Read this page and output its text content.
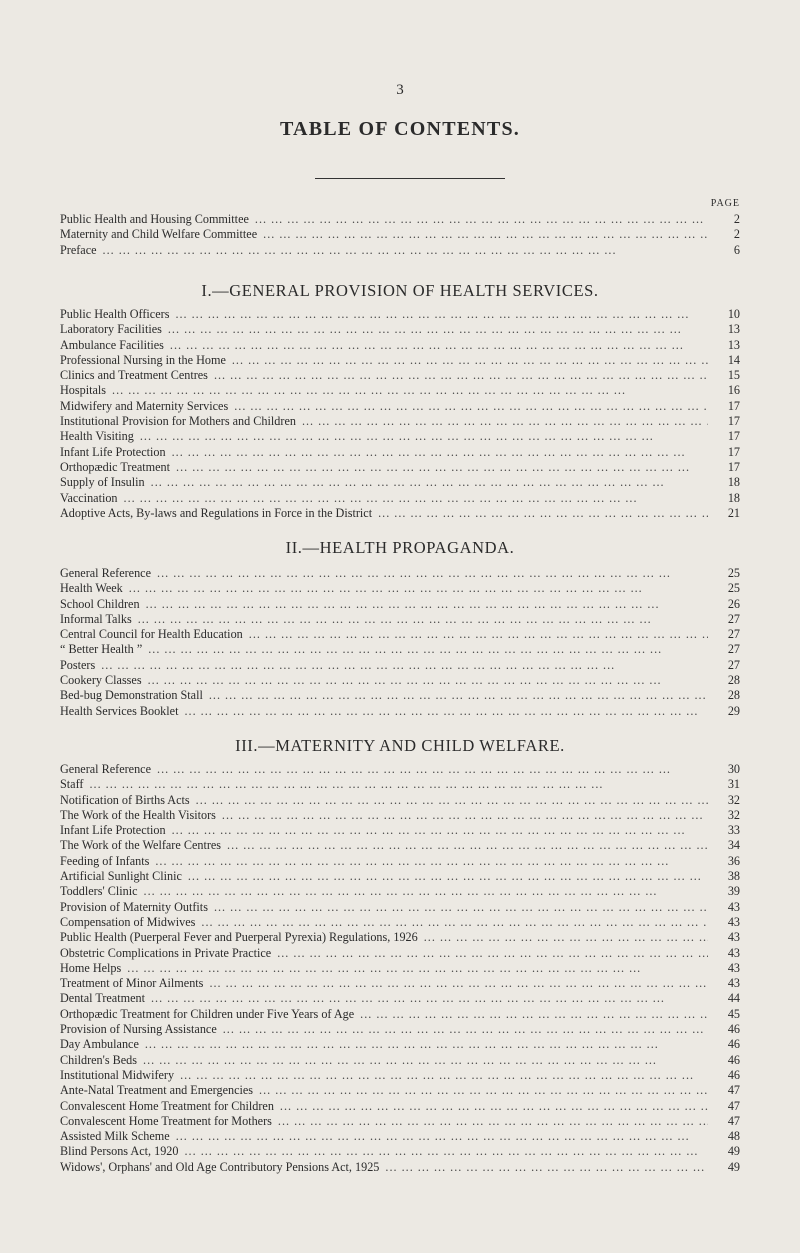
3
TABLE OF CONTENTS.
PAGE
Public Health and Housing Committee ... .	2
Maternity and Child Welfare Committee ... .	2
Preface ... .	6
I.—GENERAL PROVISION OF HEALTH SERVICES.
Public Health Officers ... .	10
Laboratory Facilities ... .	13
Ambulance Facilities ... .	13
Professional Nursing in the Home ... .	14
Clinics and Treatment Centres ... .	15
Hospitals ... .	16
Midwifery and Maternity Services ... .	17
Institutional Provision for Mothers and Children ... .	17
Health Visiting ... .	17
Infant Life Protection ... .	17
Orthopædic Treatment ... .	17
Supply of Insulin ... .	18
Vaccination ... .	18
Adoptive Acts, By-laws and Regulations in Force in the District ... .	21
II.—HEALTH PROPAGANDA.
General Reference ... .	25
Health Week ... .	25
School Children ... .	26
Informal Talks ... .	27
Central Council for Health Education ... .	27
“ Better Health ” ... .	27
Posters ... .	27
Cookery Classes ... .	28
Bed-bug Demonstration Stall ... .	28
Health Services Booklet ... .	29
III.—MATERNITY AND CHILD WELFARE.
General Reference ... .	30
Staff ... .	31
Notification of Births Acts ... .	32
The Work of the Health Visitors ... .	32
Infant Life Protection ... .	33
The Work of the Welfare Centres ... .	34
Feeding of Infants ... .	36
Artificial Sunlight Clinic ... .	38
Toddlers' Clinic ... .	39
Provision of Maternity Outfits ... .	43
Compensation of Midwives ... .	43
Public Health (Puerperal Fever and Puerperal Pyrexia) Regulations, 1926 ... .	43
Obstetric Complications in Private Practice ... .	43
Home Helps ... .	43
Treatment of Minor Ailments ... .	43
Dental Treatment ... .	44
Orthopædic Treatment for Children under Five Years of Age ... .	45
Provision of Nursing Assistance ... .	46
Day Ambulance ... .	46
Children's Beds ... .	46
Institutional Midwifery ... .	46
Ante-Natal Treatment and Emergencies ... .	47
Convalescent Home Treatment for Children ... .	47
Convalescent Home Treatment for Mothers ... .	47
Assisted Milk Scheme ... .	48
Blind Persons Act, 1920 ... .	49
Widows', Orphans' and Old Age Contributory Pensions Act, 1925 ... .	49
